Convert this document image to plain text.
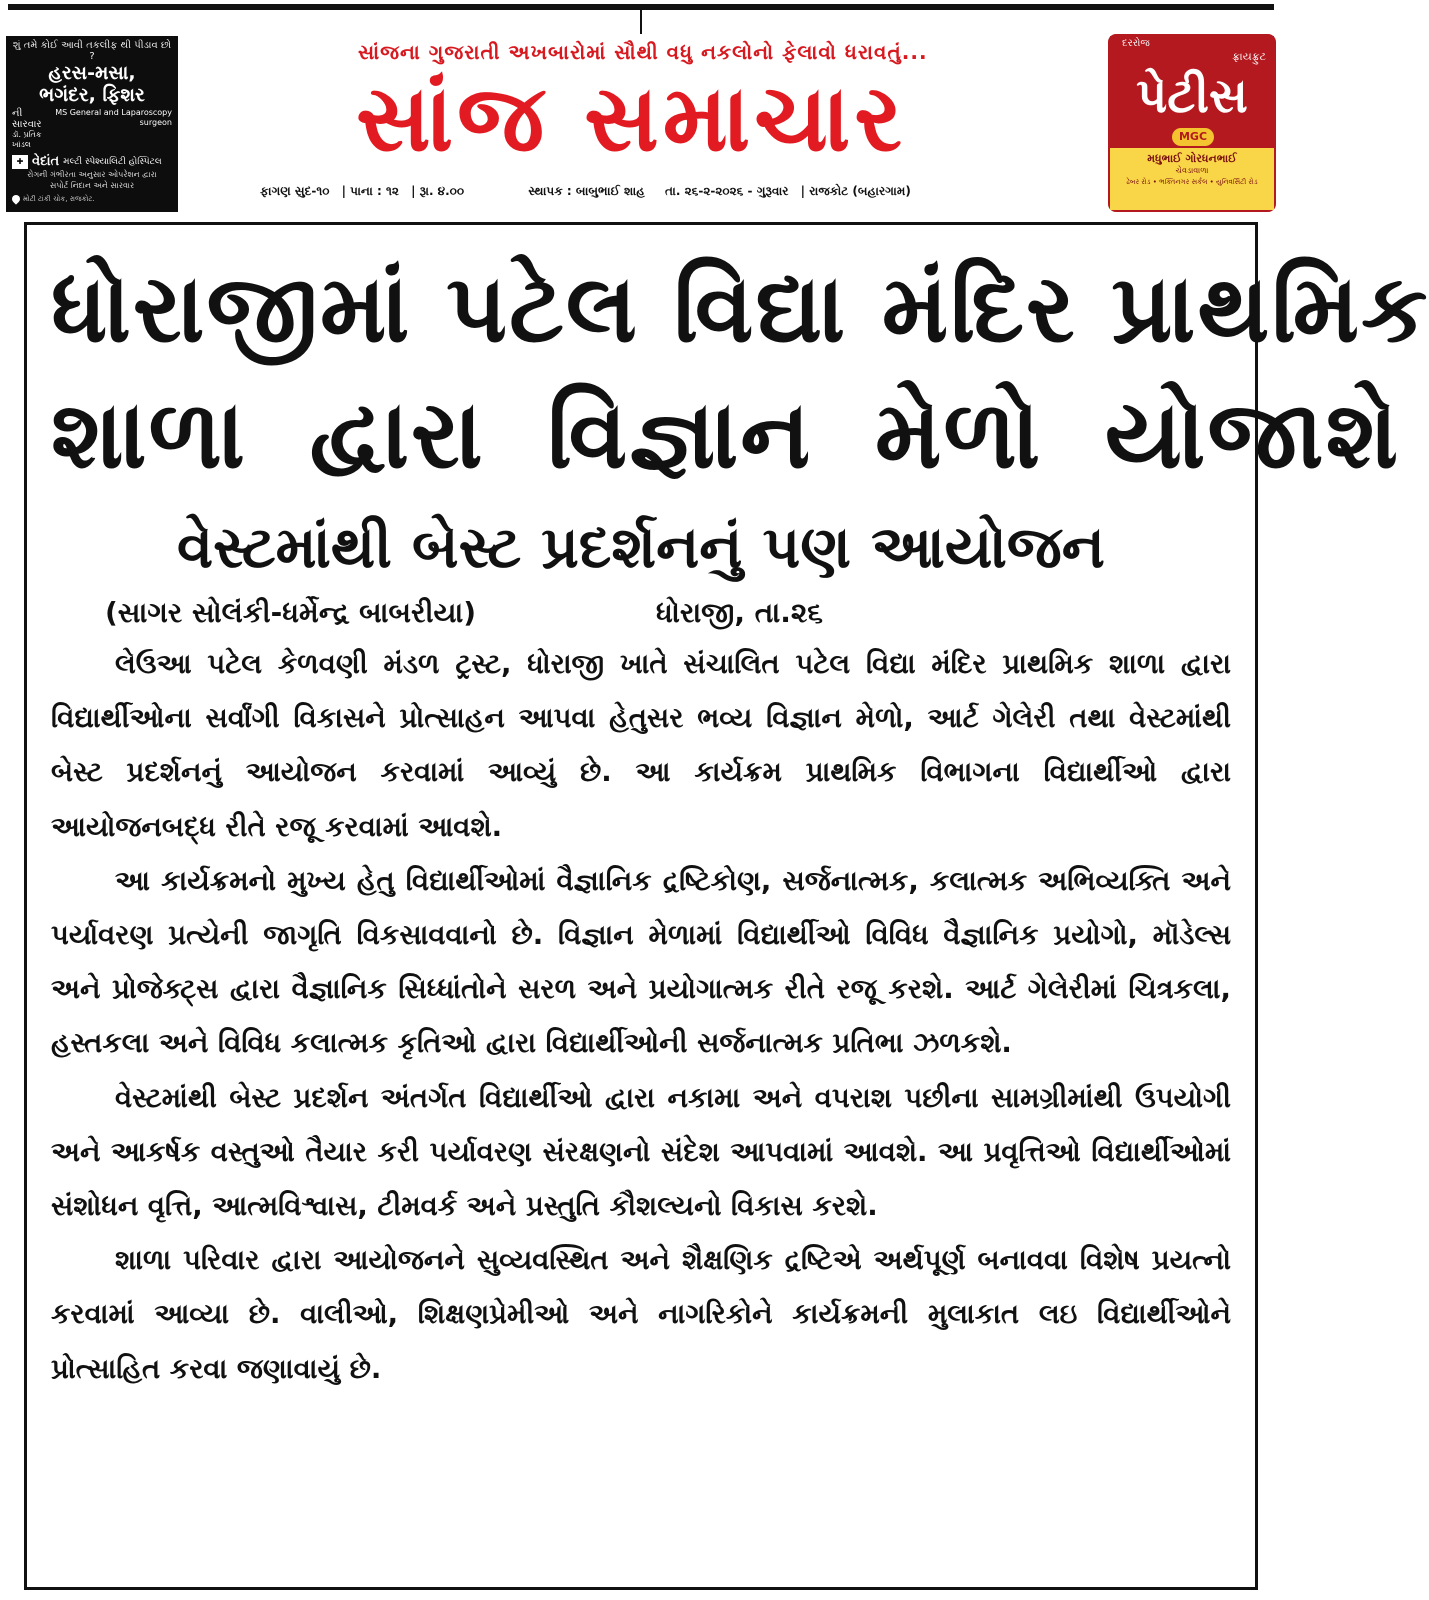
શું તમે કોઈ આવી તકલીફ થી પીડાવ છો ?
હરસ-મસા,
ભગંદર, ફિશર
ની સારવાર
ડૉ. પ્રતિક ખાંડલ
MS General and Laparoscopy surgeon
✚ વેદાંત મલ્ટી સ્પેશ્યાલિટી હોસ્પિટલ
રોગની ગંભીરતા અનુસાર ઓપરેશન દ્વારા
સપોર્ટ નિદાન અને સારવાર
મોટી ટાંકી ચોક, રાજકોટ.
સાંજના ગુજરાતી અખબારોમાં સૌથી વધુ નકલોનો ફેલાવો ધરાવતું...
સાંજ સમાચાર
ફાગણ સુદ-૧૦ | પાના : ૧૨ | રૂા. ૪.૦૦	સ્થાપક : બાબુભાઈ શાહ તા. ૨૬-૨-૨૦૨૬ - ગુરૂવાર | રાજકોટ (બહારગામ)
દરરોજ
ફ્રાયફ્રુટ
પેટીસ
MGC
મધુભાઈ ગોરધનભાઈ
ચેવડાવાળા
ઢેબર રોડ • ભક્તિનગર સર્કલ • યુનિવર્સિટી રોડ
ધોરાજીમાં પટેલ વિદ્યા મંદિર પ્રાથમિક
શાળા દ્વારા વિજ્ઞાન મેળો યોજાશે
વેસ્ટમાંથી બેસ્ટ પ્રદર્શનનું પણ આયોજન
(સાગર સોલંકી-ધર્મેન્દ્ર બાબરીયા)	ધોરાજી, તા.૨૬

લેઉઆ પટેલ કેળવણી મંડળ ટ્રસ્ટ, ધોરાજી ખાતે સંચાલિત પટેલ વિદ્યા મંદિર પ્રાથમિક શાળા દ્વારા વિદ્યાર્થીઓના સર્વાંગી વિકાસને પ્રોત્સાહન આપવા હેતુસર ભવ્ય વિજ્ઞાન મેળો, આર્ટ ગેલેરી તથા વેસ્ટમાંથી બેસ્ટ પ્રદર્શનનું આયોજન કરવામાં આવ્યું છે. આ કાર્યક્રમ પ્રાથમિક વિભાગના વિદ્યાર્થીઓ દ્વારા આયોજનબદ્ધ રીતે રજૂ કરવામાં આવશે.

આ કાર્યક્રમનો મુખ્ય હેતુ વિદ્યાર્થીઓમાં વૈજ્ઞાનિક દ્રષ્ટિકોણ, સર્જનાત્મક, કલાત્મક અભિવ્યક્તિ અને પર્યાવરણ પ્રત્યેની જાગૃતિ વિકસાવવાનો છે. વિજ્ઞાન મેળામાં વિદ્યાર્થીઓ વિવિધ વૈજ્ઞાનિક પ્રયોગો, મૉડેલ્સ અને પ્રોજેક્ટ્સ દ્વારા વૈજ્ઞાનિક સિધ્ધાંતોને સરળ અને પ્રયોગાત્મક રીતે રજૂ કરશે. આર્ટ ગેલેરીમાં ચિત્રકલા, હસ્તકલા અને વિવિધ કલાત્મક કૃતિઓ દ્વારા વિદ્યાર્થીઓની સર્જનાત્મક પ્રતિભા ઝળકશે.

વેસ્ટમાંથી બેસ્ટ પ્રદર્શન અંતર્ગત વિદ્યાર્થીઓ દ્વારા નકામા અને વપરાશ પછીના સામગ્રીમાંથી ઉપયોગી અને આકર્ષક વસ્તુઓ તૈયાર કરી પર્યાવરણ સંરક્ષણનો સંદેશ આપવામાં આવશે. આ પ્રવૃત્તિઓ વિદ્યાર્થીઓમાં સંશોધન વૃત્તિ, આત્મવિશ્વાસ, ટીમવર્ક અને પ્રસ્તુતિ કૌશલ્યનો વિકાસ કરશે.

શાળા પરિવાર દ્વારા આયોજનને સુવ્યવસ્થિત અને શૈક્ષણિક દ્રષ્ટિએ અર્થપૂર્ણ બનાવવા વિશેષ પ્રયત્નો કરવામાં આવ્યા છે. વાલીઓ, શિક્ષણપ્રેમીઓ અને નાગરિકોને કાર્યક્રમની મુલાકાત લઇ વિદ્યાર્થીઓને પ્રોત્સાહિત કરવા જણાવાયું છે.
